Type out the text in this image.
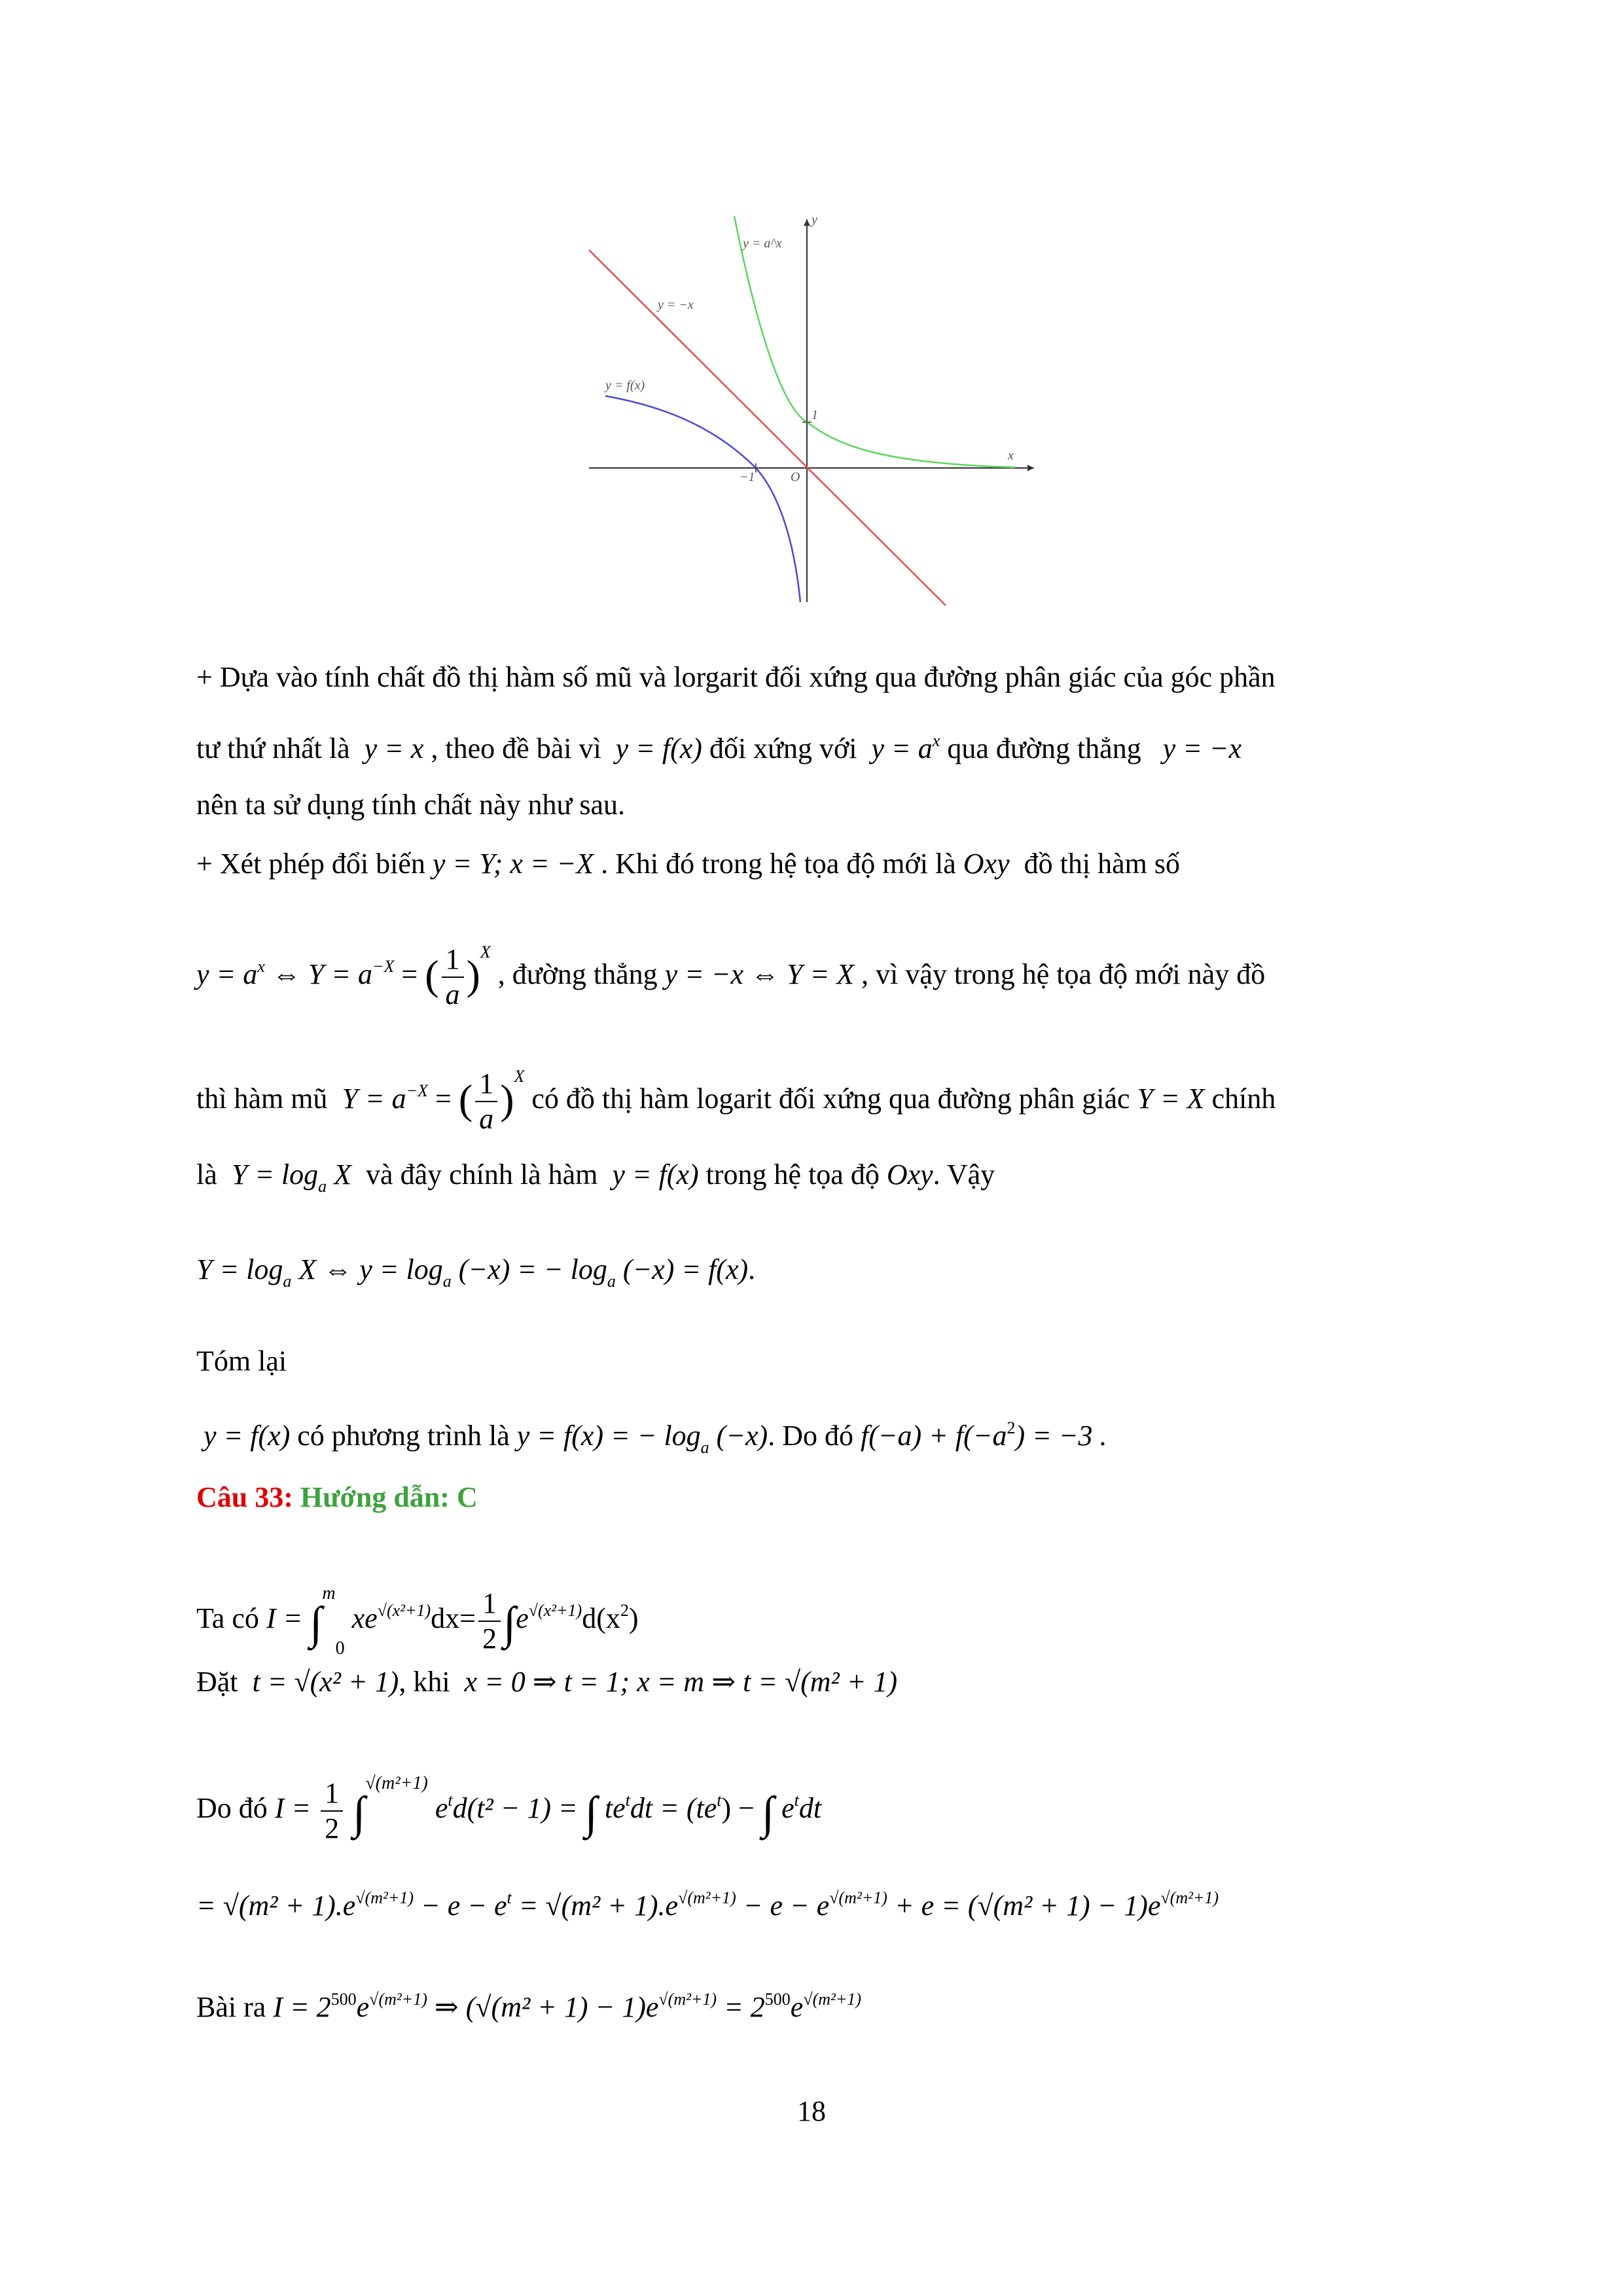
y
x
y = a^x
y = −x
y = f(x)
1
−1	O
+ Dựa vào tính chất đồ thị hàm số mũ và lorgarit đối xứng qua đường phân giác của góc phần
tư thứ nhất là y = x , theo đề bài vì y = f(x) đối xứng với $y = a^x$ qua đường thẳng y = −x
nên ta sử dụng tính chất này như sau.
+ Xét phép đổi biến y = Y; x = −X . Khi đó trong hệ tọa độ mới là Oxy đồ thị hàm số
$y = a^x$ ⇔ $Y = a^{-X}$ = ( $\frac{1}{a} )^X$ , đường thẳng y = −x ⇔ Y = X , vì vậy trong hệ tọa độ mới này đồ
thì hàm mũ $Y = a^{-X}$ = ( $\frac{1}{a} )^X$ có đồ thị hàm logarit đối xứng qua đường phân giác Y = X chính
là $Y = \log_a X$ và đây chính là hàm y = f(x) trong hệ tọa độ Oxy. Vậy
$Y = \log_a X$ ⇔ $y = \log_a (-x)$ = − $\log_a (-x) = f(x)$.
Tóm lại
y = f(x) có phương trình là y = f(x) = − $\log_a (-x)$. Do đó $f(-a) + f(-a^2) = -3$ .
Câu 33: Hướng dẫn: C
Ta có I = ∫$^m_0$ $xe^{√(x^2+1)}dx= \frac{1}{2} \int e^{√(x^2+1)}d(x^2)$
Đặt t = √(x² + 1), khi x = 0 ⇒ t = 1; x = m ⇒ t = √(m² + 1)
Do đó $I = \frac{1}{2} \int^{√(m^2+1)}$ $e^td(t^2 - 1)$ = ∫ $te^tdt = (te^t)$ − ∫ $e^tdt$
= $√(m^2 + 1).e^{√(m^2+1)} - e - e^t = √(m^2 + 1).e^{√(m^2+1)} - e - e^{√(m^2+1)} + e = (√(m^2 + 1) - 1)e^{√(m^2+1)}$
Bài ra $I = 2^{500}e^{√(m^2+1)}$ ⇒ $(√(m^2 + 1) - 1)e^{√(m^2+1)} = 2^{500}e^{√(m^2+1)}$
18
